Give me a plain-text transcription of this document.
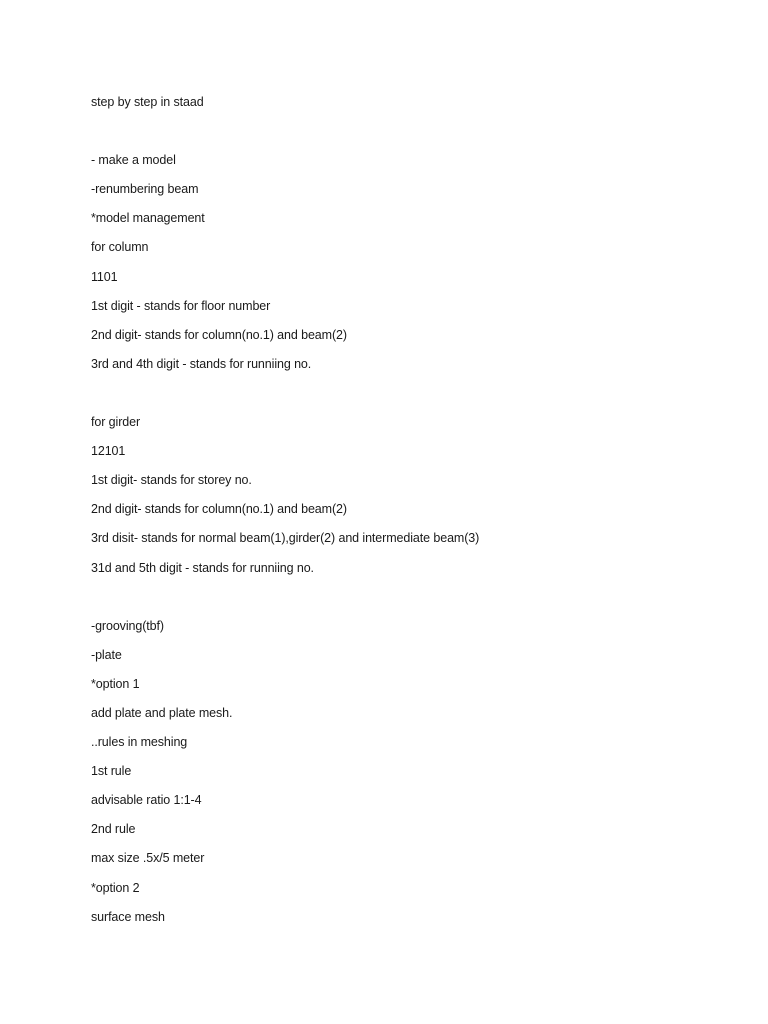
step by step in staad
- make a model
-renumbering beam
*model management
for column
1101
1st digit - stands for floor number
2nd digit- stands for column(no.1) and beam(2)
3rd and 4th digit - stands for runniing no.
for girder
12101
1st digit- stands for storey no.
2nd digit- stands for column(no.1) and beam(2)
3rd disit- stands for normal beam(1),girder(2) and intermediate beam(3)
31d and 5th digit - stands for runniing no.
-grooving(tbf)
-plate
*option 1
add plate and plate mesh.
..rules in meshing
1st rule
advisable ratio 1:1-4
2nd rule
max size .5x/5 meter
*option 2
surface mesh
